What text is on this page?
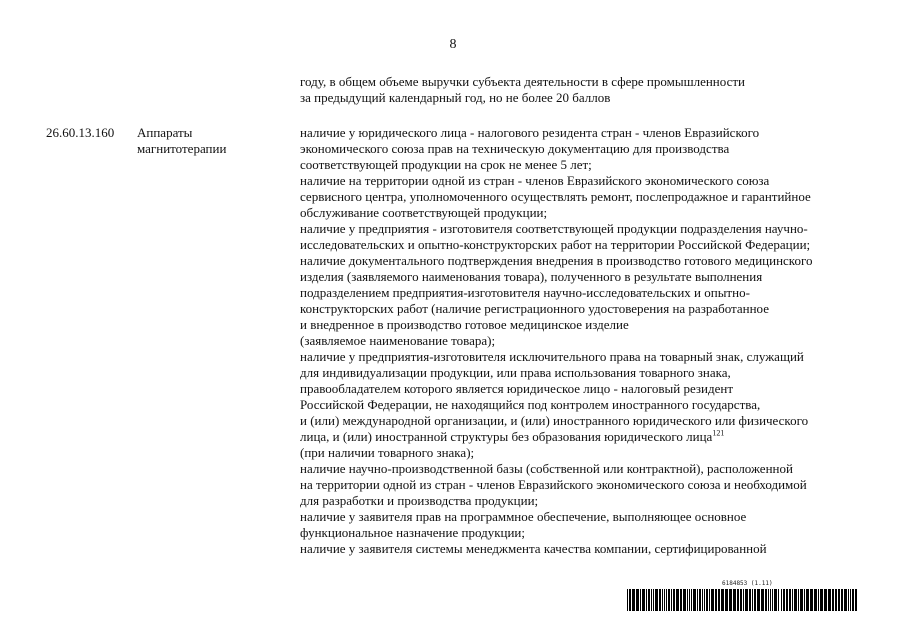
8
году, в общем объеме выручки субъекта деятельности в сфере промышленности
за предыдущий календарный год, но не более 20 баллов
26.60.13.160 Аппараты
магнитотерапии
наличие у юридического лица - налогового резидента стран - членов Евразийского
экономического союза прав на техническую документацию для производства
соответствующей продукции на срок не менее 5 лет;
наличие на территории одной из стран - членов Евразийского экономического союза
сервисного центра, уполномоченного осуществлять ремонт, послепродажное и гарантийное
обслуживание соответствующей продукции;
наличие у предприятия - изготовителя соответствующей продукции подразделения научно-
исследовательских и опытно-конструкторских работ на территории Российской Федерации;
наличие документального подтверждения внедрения в производство готового медицинского
изделия (заявляемого наименования товара), полученного в результате выполнения
подразделением предприятия-изготовителя научно-исследовательских и опытно-
конструкторских работ (наличие регистрационного удостоверения на разработанное
и внедренное в производство готовое медицинское изделие
(заявляемое наименование товара);
наличие у предприятия-изготовителя исключительного права на товарный знак, служащий
для индивидуализации продукции, или права использования товарного знака,
правообладателем которого является юридическое лицо - налоговый резидент
Российской Федерации, не находящийся под контролем иностранного государства,
и (или) международной организации, и (или) иностранного юридического или физического
лица, и (или) иностранной структуры без образования юридического лица$^{121}$
(при наличии товарного знака);
наличие научно-производственной базы (собственной или контрактной), расположенной
на территории одной из стран - членов Евразийского экономического союза и необходимой
для разработки и производства продукции;
наличие у заявителя прав на программное обеспечение, выполняющее основное
функциональное назначение продукции;
наличие у заявителя системы менеджмента качества компании, сертифицированной
6184853 (1.11)
